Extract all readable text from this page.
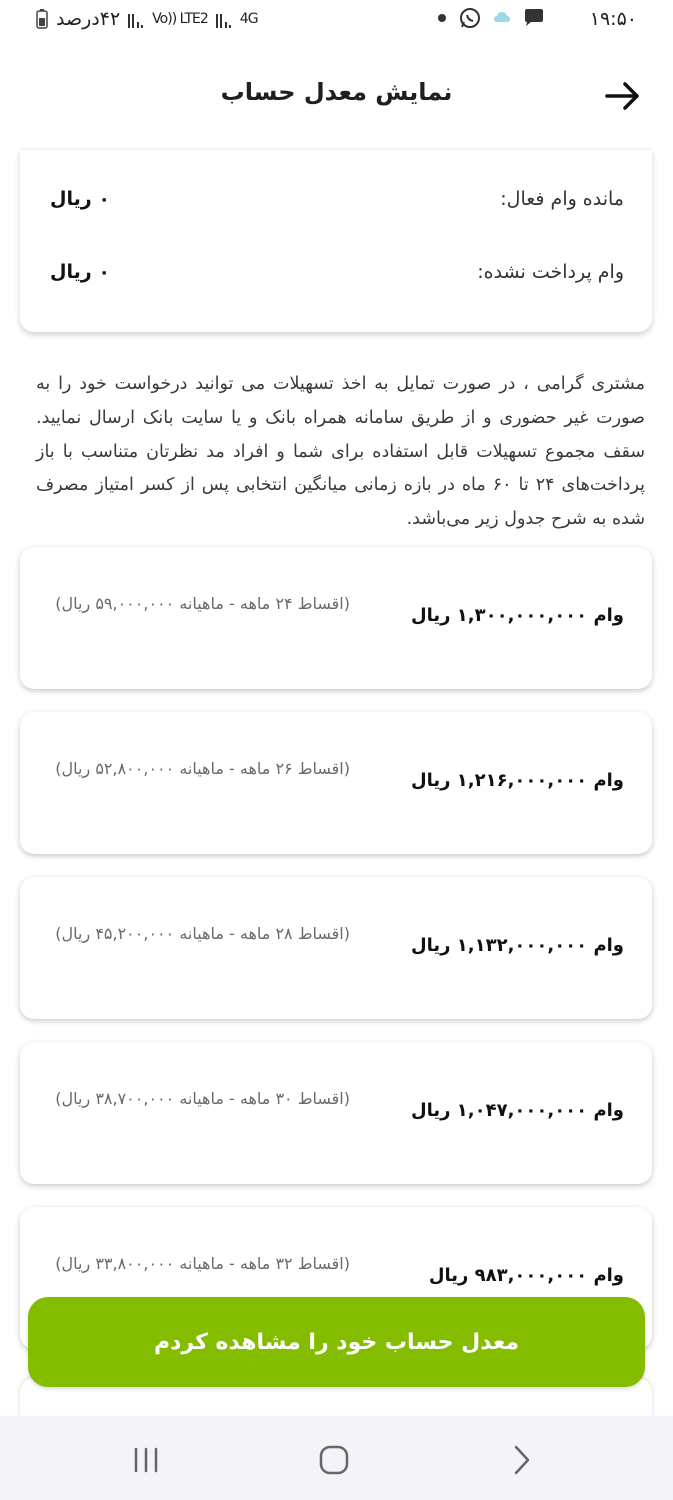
۴۲درصد Vo)) LTE2 4G	۱۹:۵۰
نمایش معدل حساب
مانده وام فعال:
۰ ریال
وام پرداخت نشده:
۰ ریال
مشتری گرامی ، در صورت تمایل به اخذ تسهیلات می توانید درخواست خود را به صورت غیر حضوری و از طریق سامانه همراه بانک و یا سایت بانک ارسال نمایید. سقف مجموع تسهیلات قابل استفاده برای شما و افراد مد نظرتان متناسب با باز پرداخت‌های ۲۴ تا ۶۰ ماه در بازه زمانی میانگین انتخابی پس از کسر امتیاز مصرف شده به شرح جدول زیر می‌باشد.
وام ۱,۳۰۰,۰۰۰,۰۰۰ ریال
(اقساط ۲۴ ماهه - ماهیانه ۵۹,۰۰۰,۰۰۰ ریال)
وام ۱,۲۱۶,۰۰۰,۰۰۰ ریال
(اقساط ۲۶ ماهه - ماهیانه ۵۲,۸۰۰,۰۰۰ ریال)
وام ۱,۱۳۲,۰۰۰,۰۰۰ ریال
(اقساط ۲۸ ماهه - ماهیانه ۴۵,۲۰۰,۰۰۰ ریال)
وام ۱,۰۴۷,۰۰۰,۰۰۰ ریال
(اقساط ۳۰ ماهه - ماهیانه ۳۸,۷۰۰,۰۰۰ ریال)
وام ۹۸۳,۰۰۰,۰۰۰ ریال
(اقساط ۳۲ ماهه - ماهیانه ۳۳,۸۰۰,۰۰۰ ریال)
معدل حساب خود را مشاهده کردم
